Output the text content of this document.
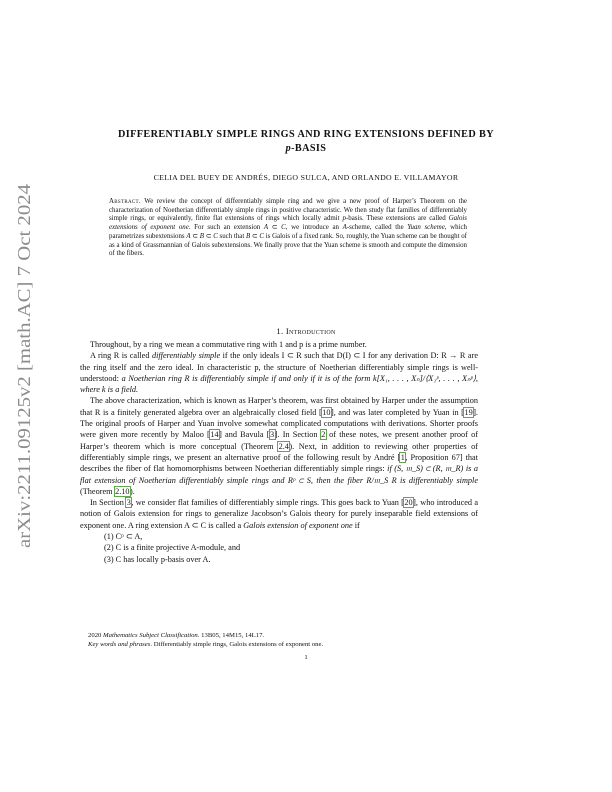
arXiv:2211.09125v2 [math.AC] 7 Oct 2024
DIFFERENTIABLY SIMPLE RINGS AND RING EXTENSIONS DEFINED BY
p-BASIS
CELIA DEL BUEY DE ANDRÉS, DIEGO SULCA, AND ORLANDO E. VILLAMAYOR
Abstract. We review the concept of differentiably simple ring and we give a new proof of Harper’s Theorem on the characterization of Noetherian differentiably simple rings in positive characteristic. We then study flat families of differentiably simple rings, or equivalently, finite flat extensions of rings which locally admit p-basis. These extensions are called Galois extensions of exponent one. For such an extension A ⊂ C, we introduce an A-scheme, called the Yuan scheme, which parametrizes subextensions A ⊂ B ⊂ C such that B ⊂ C is Galois of a fixed rank. So, roughly, the Yuan scheme can be thought of as a kind of Grassmannian of Galois subextensions. We finally prove that the Yuan scheme is smooth and compute the dimension of the fibers.
1. Introduction

Throughout, by a ring we mean a commutative ring with 1 and p is a prime number.

A ring R is called differentiably simple if the only ideals I ⊂ R such that D(I) ⊂ I for any derivation D: R → R are the ring itself and the zero ideal. In characteristic p, the structure of Noetherian differentiably simple rings is well-understood: a Noetherian ring R is differentiably simple if and only if it is of the form k[X₁, . . . , Xₙ]/⟨X₁ᵖ, . . . , Xₙᵖ⟩, where k is a field.

The above characterization, which is known as Harper’s theorem, was first obtained by Harper under the assumption that R is a finitely generated algebra over an algebraically closed field [10], and was later completed by Yuan in [19]. The original proofs of Harper and Yuan involve somewhat complicated computations with derivations. Shorter proofs were given more recently by Maloo [14] and Bavula [3]. In Section 2 of these notes, we present another proof of Harper’s theorem which is more conceptual (Theorem 2.4). Next, in addition to reviewing other properties of differentiably simple rings, we present an alternative proof of the following result by André [1, Proposition 67] that describes the fiber of flat homomorphisms between Noetherian differentiably simple rings: if (S, 𝔪_S) ⊂ (R, 𝔪_R) is a flat extension of Noetherian differentiably simple rings and Rᵖ ⊂ S, then the fiber R/𝔪_S R is differentiably simple (Theorem 2.10).

In Section 3, we consider flat families of differentiably simple rings. This goes back to Yuan [20], who introduced a notion of Galois extension for rings to generalize Jacobson’s Galois theory for purely inseparable field extensions of exponent one. A ring extension A ⊂ C is called a Galois extension of exponent one if

(1) Cᵖ ⊂ A,
(2) C is a finite projective A-module, and
(3) C has locally p-basis over A.
2020 Mathematics Subject Classification. 13B05, 14M15, 14L17.
Key words and phrases. Differentiably simple rings, Galois extensions of exponent one.
1
